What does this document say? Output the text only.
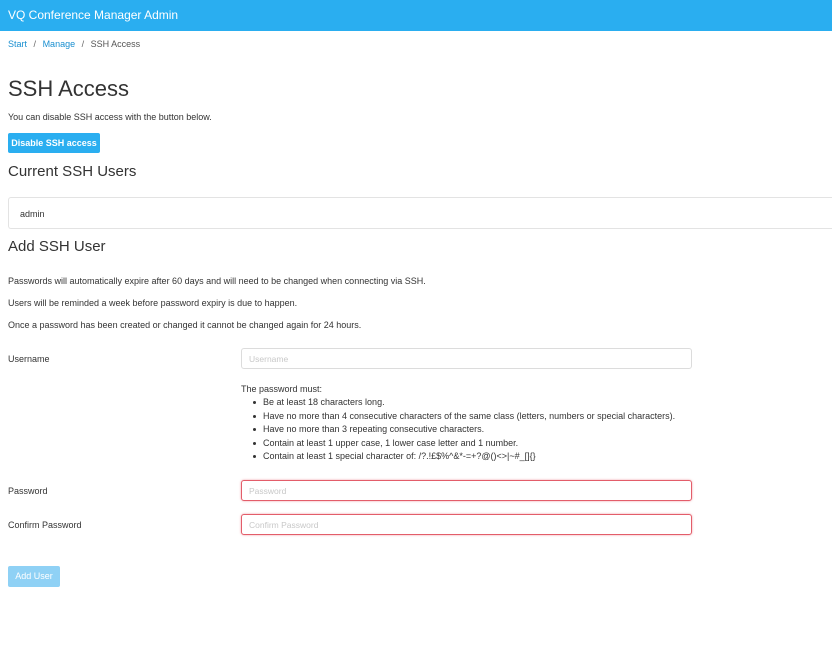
VQ Conference Manager Admin
Start / Manage / SSH Access
SSH Access

You can disable SSH access with the button below.

Disable SSH access
Current SSH Users
admin
Add SSH User

Passwords will automatically expire after 60 days and will need to be changed when connecting via SSH.

Users will be reminded a week before password expiry is due to happen.

Once a password has been created or changed it cannot be changed again for 24 hours.

Username
Username
The password must:
Be at least 18 characters long.
Have no more than 4 consecutive characters of the same class (letters, numbers or special characters).
Have no more than 3 repeating consecutive characters.
Contain at least 1 upper case, 1 lower case letter and 1 number.
Contain at least 1 special character of: /?.!£$%^&*-=+?@()<>|~#_[]{}
Password
Confirm Password
Add User
